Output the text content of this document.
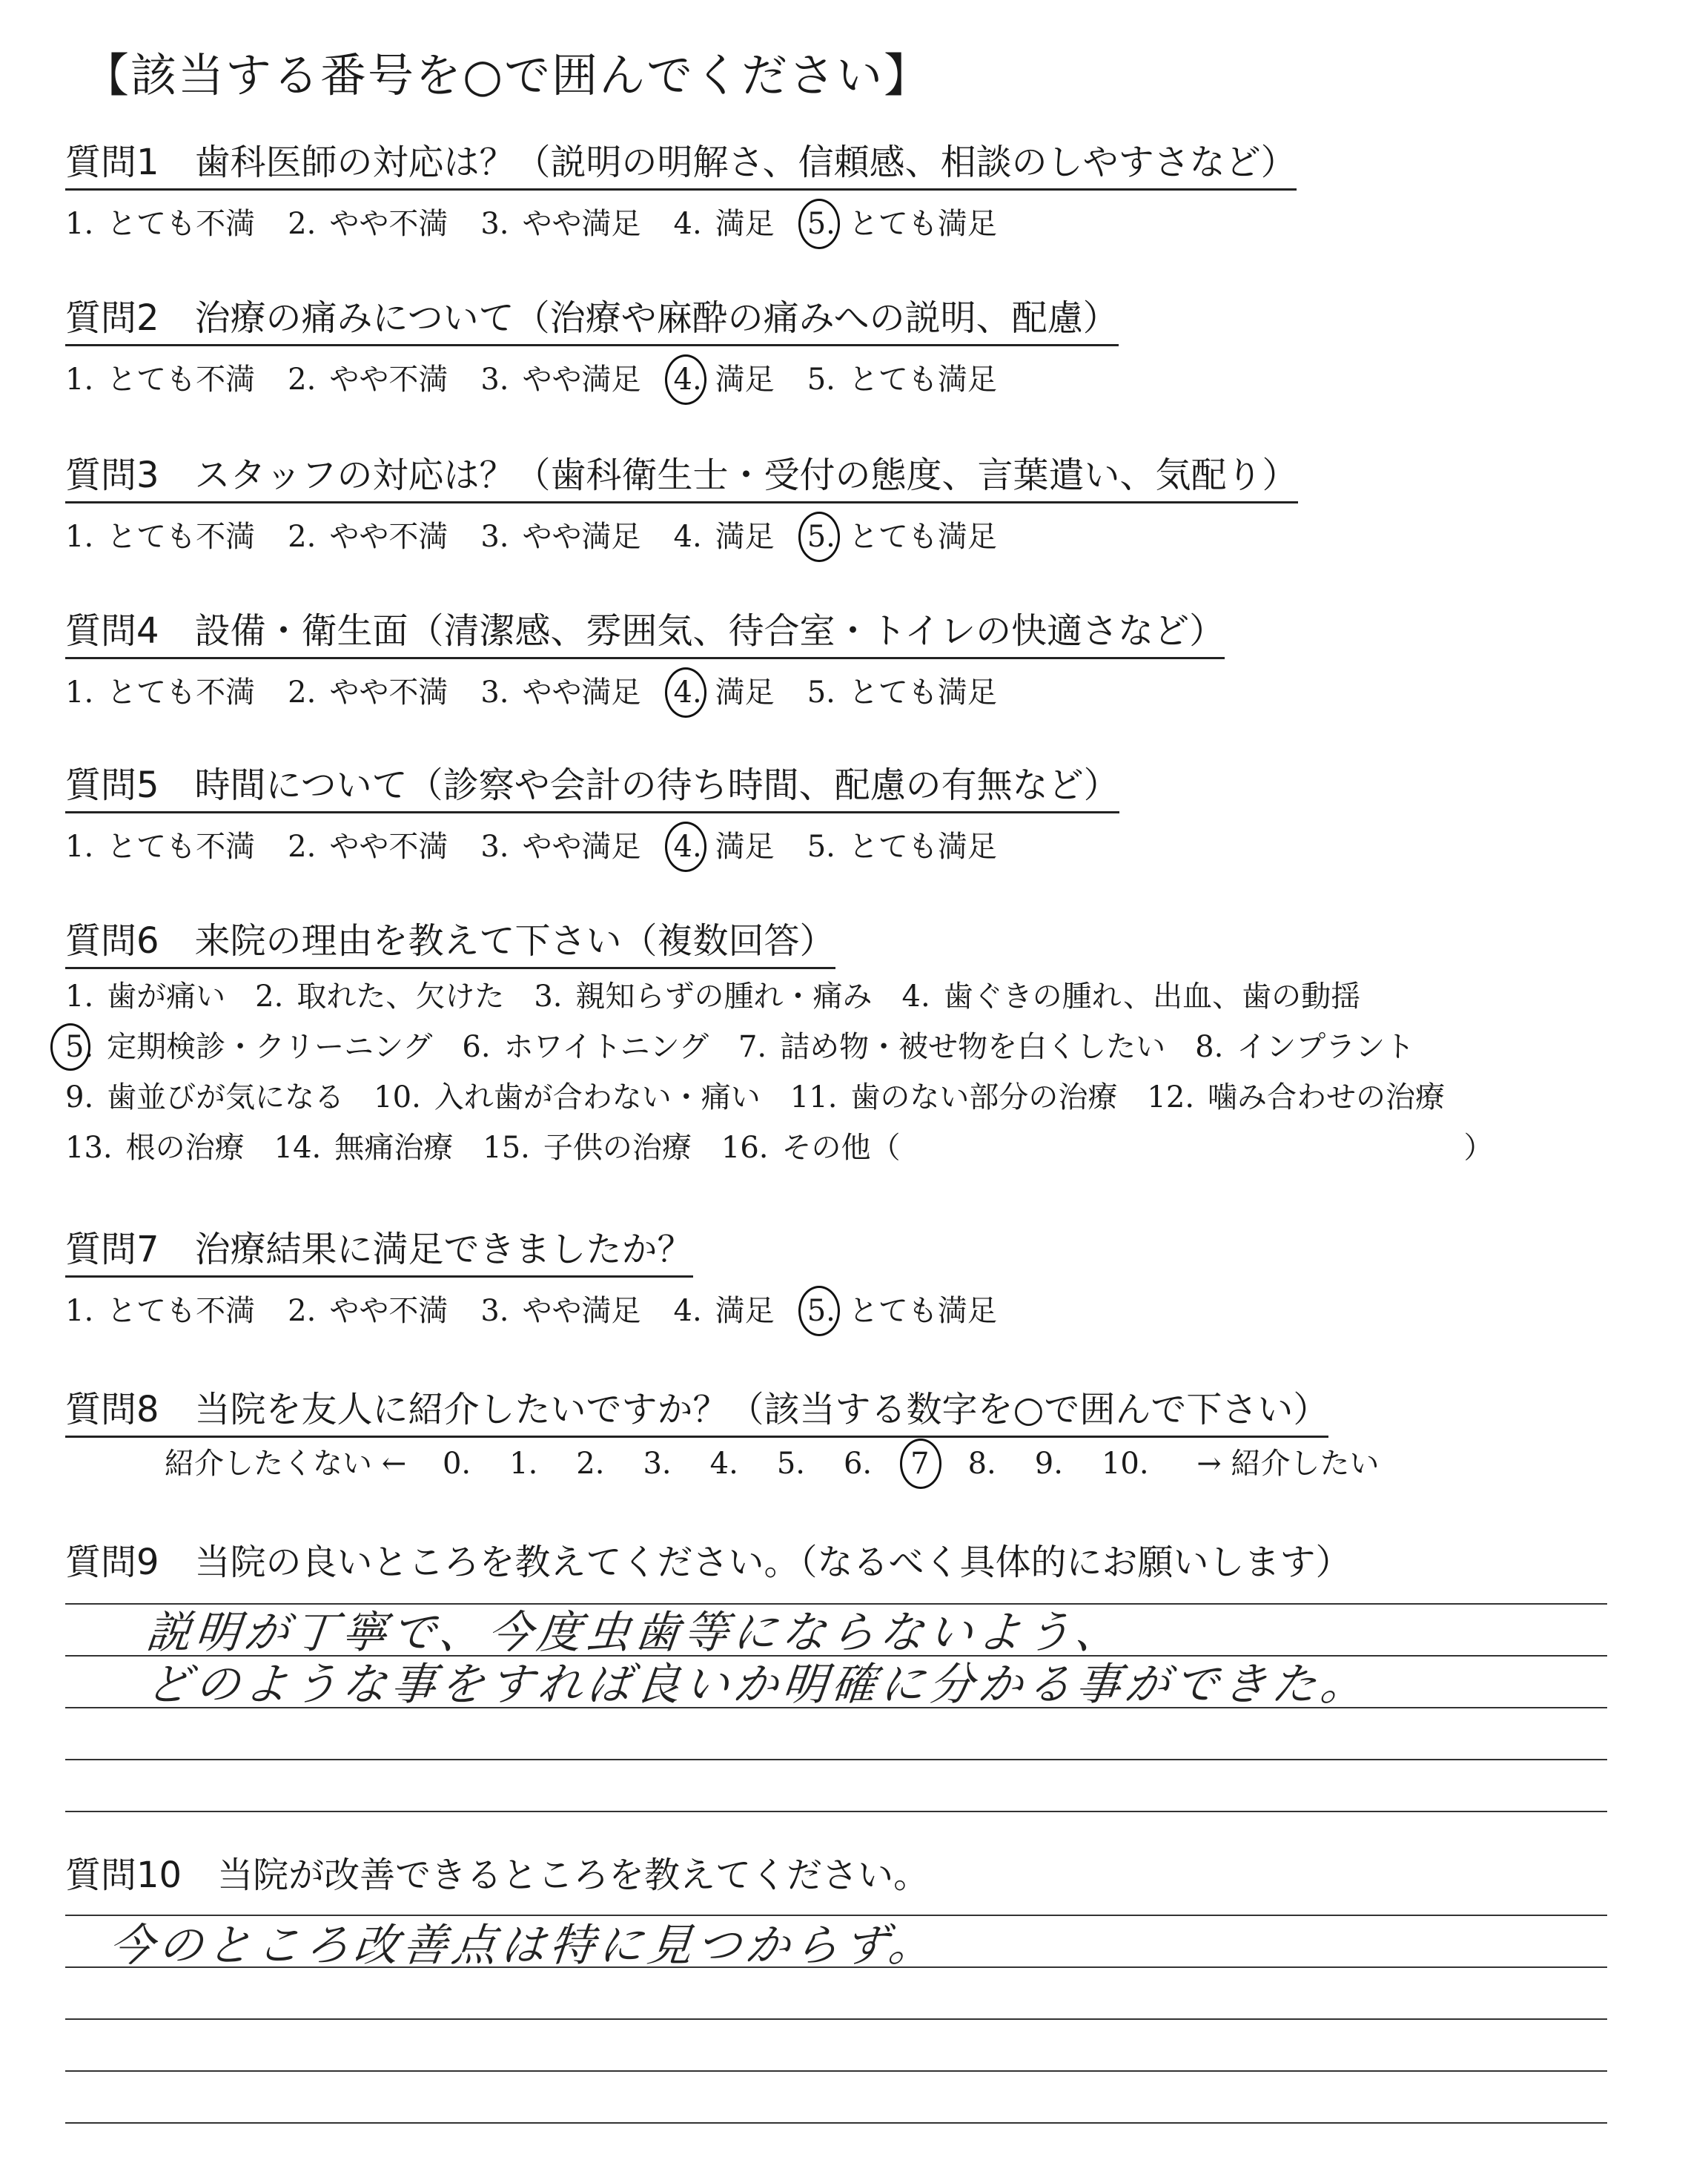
【該当する番号を○で囲んでください】
質問1 歯科医師の対応は？（説明の明解さ、信頼感、相談のしやすさなど）
1. とても不満 2. やや不満 3. やや満足 4. 満足 5. とても満足
質問2 治療の痛みについて（治療や麻酔の痛みへの説明、配慮）
1. とても不満 2. やや不満 3. やや満足 4. 満足 5. とても満足
質問3 スタッフの対応は？（歯科衛生士・受付の態度、言葉遣い、気配り）
1. とても不満 2. やや不満 3. やや満足 4. 満足 5. とても満足
質問4 設備・衛生面（清潔感、雰囲気、待合室・トイレの快適さなど）
1. とても不満 2. やや不満 3. やや満足 4. 満足 5. とても満足
質問5 時間について（診察や会計の待ち時間、配慮の有無など）
1. とても不満 2. やや不満 3. やや満足 4. 満足 5. とても満足
質問7 治療結果に満足できましたか？
1. とても不満 2. やや不満 3. やや満足 4. 満足 5. とても満足
質問6 来院の理由を教えて下さい（複数回答）
1. 歯が痛い 2. 取れた、欠けた 3. 親知らずの腫れ・痛み 4. 歯ぐきの腫れ、出血、歯の動揺
5. 定期検診・クリーニング 6. ホワイトニング 7. 詰め物・被せ物を白くしたい 8. インプラント
9. 歯並びが気になる 10. 入れ歯が合わない・痛い 11. 歯のない部分の治療 12. 噛み合わせの治療
13. 根の治療 14. 無痛治療 15. 子供の治療 16. その他（	）
質問8 当院を友人に紹介したいですか？（該当する数字を○で囲んで下さい）
紹介したくない ← 0. 1. 2. 3. 4. 5. 6. 7 8. 9. 10. → 紹介したい
質問9 当院の良いところを教えてください。（なるべく具体的にお願いします）
説明が丁寧で、今度虫歯等にならないよう、
どのような事をすれば良いか明確に分かる事ができた。
質問10 当院が改善できるところを教えてください。
今のところ改善点は特に見つからず。
